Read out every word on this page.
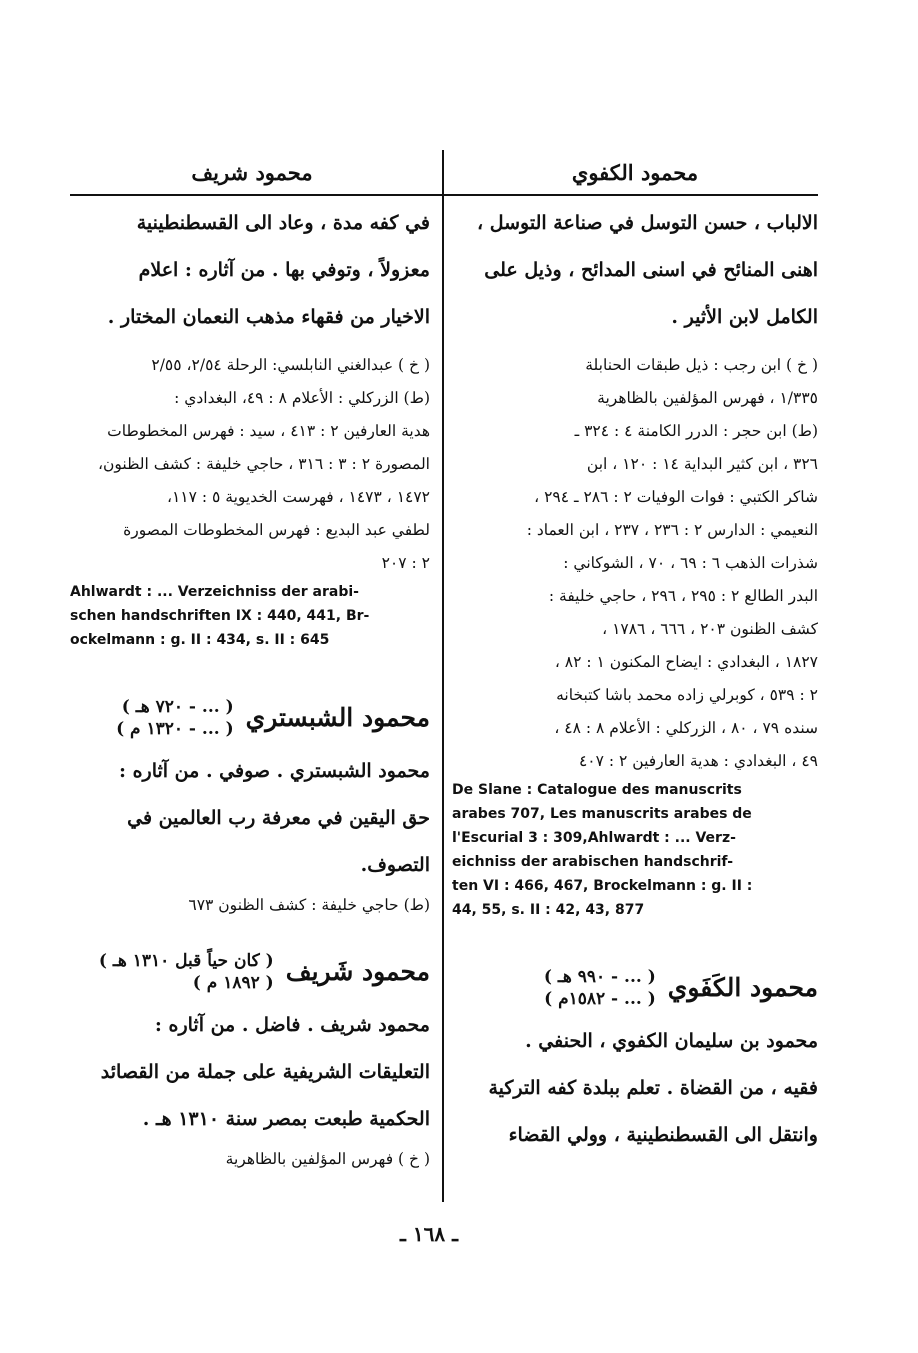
محمود الكفوي
محمود شريف

الالباب ، حسن التوسل في صناعة التوسل ،

اهنى المنائح في اسنى المدائح ، وذيل على

الكامل لابن الأثير .

( خ ) ابن رجب : ذيل طبقات الحنابلة

١/٣٣٥ ، فهرس المؤلفين بالظاهرية

(ط) ابن حجر : الدرر الكامنة ٤ : ٣٢٤ ـ

٣٢٦ ، ابن كثير البداية ١٤ : ١٢٠ ، ابن

شاكر الكتبي : فوات الوفيات ٢ : ٢٨٦ ـ ٢٩٤ ،

النعيمي : الدارس ٢ : ٢٣٦ ، ٢٣٧ ، ابن العماد :

شذرات الذهب ٦ : ٦٩ ، ٧٠ ، الشوكاني :

البدر الطالع ٢ : ٢٩٥ ، ٢٩٦ ، حاجي خليفة :

كشف الظنون ٢٠٣ ، ٦٦٦ ، ١٧٨٦ ،

١٨٢٧ ، البغدادي : ايضاح المكنون ١ : ٨٢ ،

٢ : ٥٣٩ ، كوبرلي زاده محمد باشا كتبخانه

سنده ٧٩ ، ٨٠ ، الزركلي : الأعلام ٨ : ٤٨ ،

٤٩ ، البغدادي : هدية العارفين ٢ : ٤٠٧

De Slane : Catalogue des manuscrits

arabes 707, Les manuscrits arabes de

l'Escurial 3 : 309,Ahlwardt : ... Verz-

eichniss der arabischen handschrif-

ten VI : 466, 467, Brockelmann : g. II :

44, 55, s. II : 42, 43, 877

محمود الكَفَوي
( ... - ٩٩٠ هـ )
( ... - ١٥٨٢م )

محمود بن سليمان الكفوي ، الحنفي .

فقيه ، من القضاة . تعلم ببلدة كفه التركية

وانتقل الى القسطنطينية ، وولي القضاء

في كفه مدة ، وعاد الى القسطنطينية

معزولاً ، وتوفي بها . من آثاره : اعلام

الاخيار من فقهاء مذهب النعمان المختار .

( خ ) عبدالغني النابلسي: الرحلة ٢/٥٤، ٢/٥٥

(ط) الزركلي : الأعلام ٨ : ٤٩، البغدادي :

هدية العارفين ٢ : ٤١٣ ، سيد : فهرس المخطوطات

المصورة ٢ : ٣ : ٣١٦ ، حاجي خليفة : كشف الظنون،

١٤٧٢ ، ١٤٧٣ ، فهرست الخديوية ٥ : ١١٧،

لطفي عبد البديع : فهرس المخطوطات المصورة

٢ : ٢٠٧

Ahlwardt : ... Verzeichniss der arabi-

schen handschriften IX : 440, 441, Br-

ockelmann : g. II : 434, s. II : 645

محمود الشبستري
( ... - ٧٢٠ هـ )
( ... - ١٣٢٠ م )

محمود الشبستري . صوفي . من آثاره :

حق اليقين في معرفة رب العالمين في التصوف.

(ط) حاجي خليفة : كشف الظنون ٦٧٣

محمود شَريف
( كان حياً قبل ١٣١٠ هـ )
( ١٨٩٢ م )

محمود شريف . فاضل . من آثاره :

التعليقات الشريفية على جملة من القصائد

الحكمية طبعت بمصر سنة ١٣١٠ هـ .

( خ ) فهرس المؤلفين بالظاهرية

ـ ١٦٨ ـ
